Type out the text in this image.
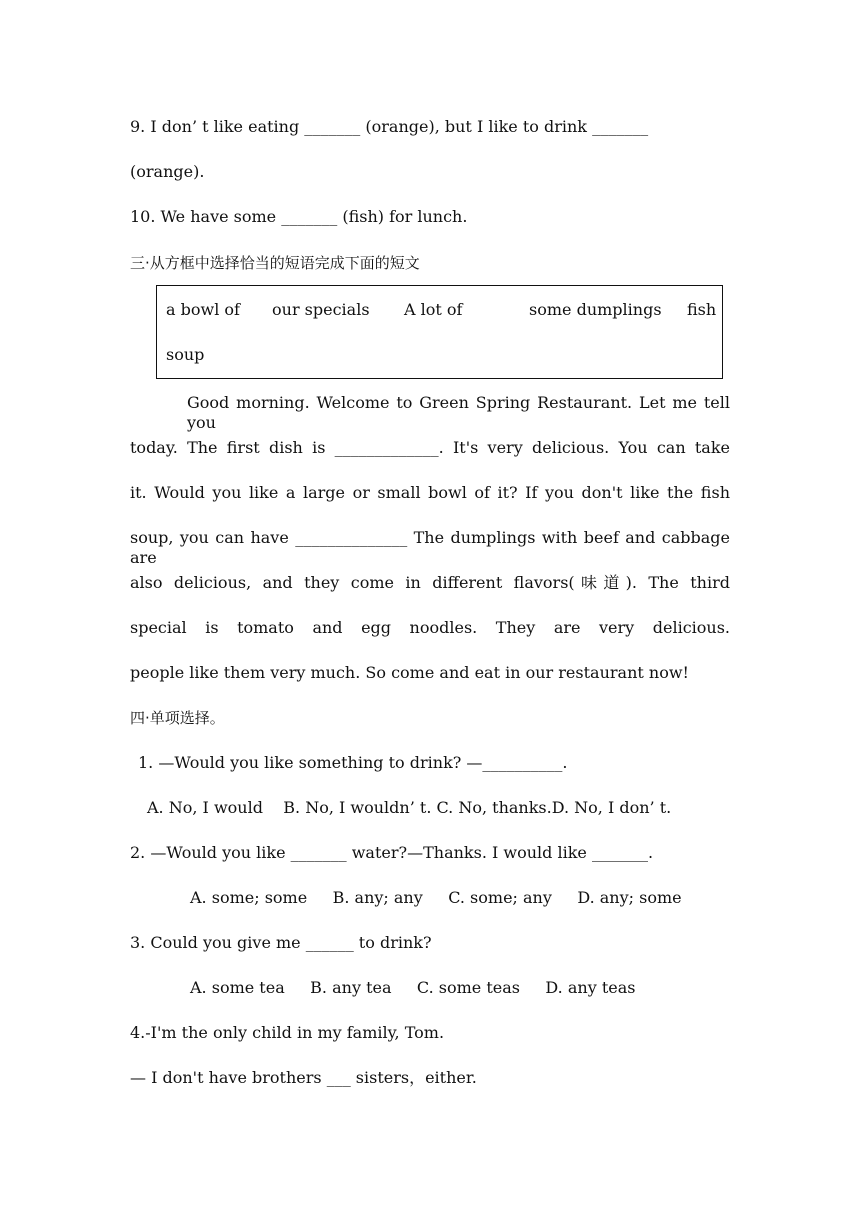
9. I don’ t like eating _______ (orange), but I like to drink _______
(orange).
10. We have some _______ (fish) for lunch.
三·从方框中选择恰当的短语完成下面的短文
a bowl of our specials A lot of	some dumplings fish
soup
Good morning. Welcome to Green Spring Restaurant. Let me tell you
today. The first dish is _____________. It's very delicious. You can take
it. Would you like a large or small bowl of it? If you don't like the fish
soup, you can have ______________ The dumplings with beef and cabbage are
also delicious, and they come in different flavors(味道). The third
special is tomato and egg noodles. They are very delicious.
people like them very much. So come and eat in our restaurant now!
四·单项选择。
1. —Would you like something to drink? —__________.
A. No, I would    B. No, I wouldn’ t. C. No, thanks.D. No, I don’ t.
2. —Would you like _______ water?—Thanks. I would like _______.
A. some; some     B. any; any     C. some; any     D. any; some
3. Could you give me ______ to drink?
A. some tea     B. any tea     C. some teas     D. any teas
4.-I'm the only child in my family, Tom.
— I don't have brothers ___ sisters，either.
